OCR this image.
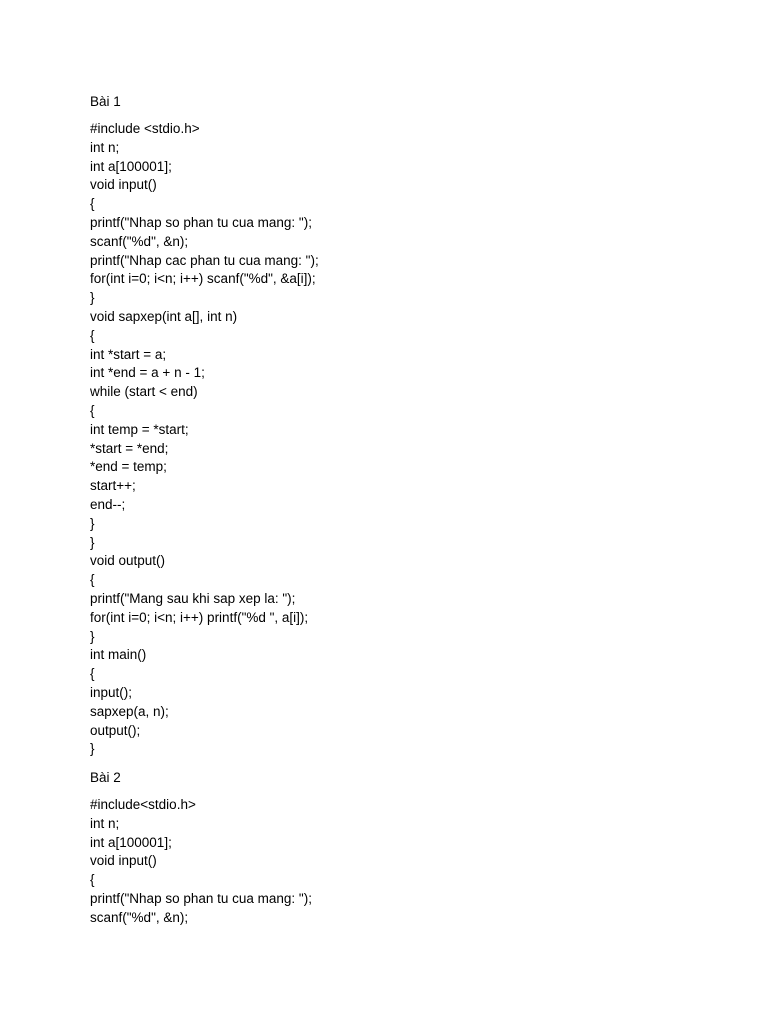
Bài 1
#include <stdio.h>
int n;
int a[100001];
void input()
{
printf("Nhap so phan tu cua mang: ");
scanf("%d", &n);
printf("Nhap cac phan tu cua mang: ");
for(int i=0; i<n; i++) scanf("%d", &a[i]);
}
void sapxep(int a[], int n)
{
int *start = a;
int *end = a + n - 1;
while (start < end)
{
int temp = *start;
*start = *end;
*end = temp;
start++;
end--;
}
}
void output()
{
printf("Mang sau khi sap xep la: ");
for(int i=0; i<n; i++) printf("%d ", a[i]);
}
int main()
{
input();
sapxep(a, n);
output();
}
Bài 2
#include<stdio.h>
int n;
int a[100001];
void input()
{
printf("Nhap so phan tu cua mang: ");
scanf("%d", &n);
